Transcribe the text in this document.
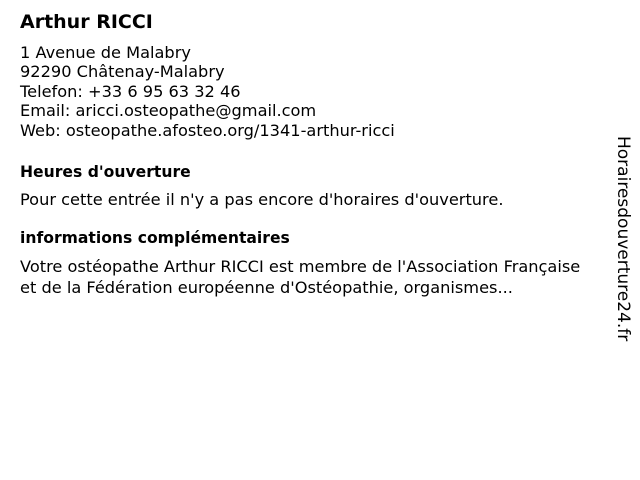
Arthur RICCI
1 Avenue de Malabry
92290 Châtenay-Malabry
Telefon: +33 6 95 63 32 46
Email: aricci.osteopathe@gmail.com
Web: osteopathe.afosteo.org/1341-arthur-ricci
Heures d'ouverture
Pour cette entrée il n'y a pas encore d'horaires d'ouverture.
informations complémentaires
Votre ostéopathe Arthur RICCI est membre de l'Association Française et de la Fédération européenne d'Ostéopathie, organismes...	Horairesdouverture24.fr
